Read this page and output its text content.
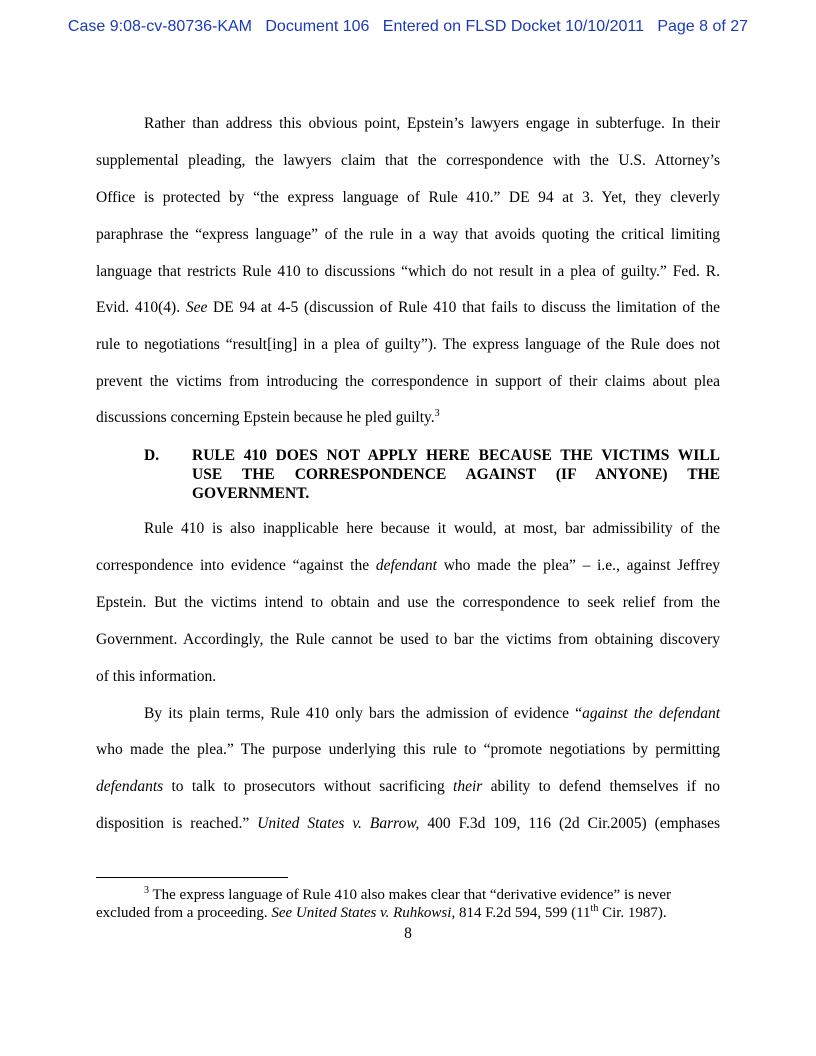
Case 9:08-cv-80736-KAM Document 106 Entered on FLSD Docket 10/10/2011 Page 8 of 27
Rather than address this obvious point, Epstein’s lawyers engage in subterfuge. In their
supplemental pleading, the lawyers claim that the correspondence with the U.S. Attorney’s
Office is protected by “the express language of Rule 410.” DE 94 at 3. Yet, they cleverly
paraphrase the “express language” of the rule in a way that avoids quoting the critical limiting
language that restricts Rule 410 to discussions “which do not result in a plea of guilty.” Fed. R.
Evid. 410(4). See DE 94 at 4-5 (discussion of Rule 410 that fails to discuss the limitation of the
rule to negotiations “result[ing] in a plea of guilty”). The express language of the Rule does not
prevent the victims from introducing the correspondence in support of their claims about plea
discussions concerning Epstein because he pled guilty.$^3$
D. RULE 410 DOES NOT APPLY HERE BECAUSE THE VICTIMS WILL
USE THE CORRESPONDENCE AGAINST (IF ANYONE) THE
GOVERNMENT.
Rule 410 is also inapplicable here because it would, at most, bar admissibility of the
correspondence into evidence “against the defendant who made the plea” – i.e., against Jeffrey
Epstein. But the victims intend to obtain and use the correspondence to seek relief from the
Government. Accordingly, the Rule cannot be used to bar the victims from obtaining discovery
of this information.
By its plain terms, Rule 410 only bars the admission of evidence “against the defendant
who made the plea.” The purpose underlying this rule to “promote negotiations by permitting
defendants to talk to prosecutors without sacrificing their ability to defend themselves if no
disposition is reached.” United States v. Barrow, 400 F.3d 109, 116 (2d Cir.2005) (emphases
$^3$ The express language of Rule 410 also makes clear that “derivative evidence” is never
excluded from a proceeding. See United States v. Ruhkowsi, 814 F.2d 594, 599 (11th Cir. 1987).
8
